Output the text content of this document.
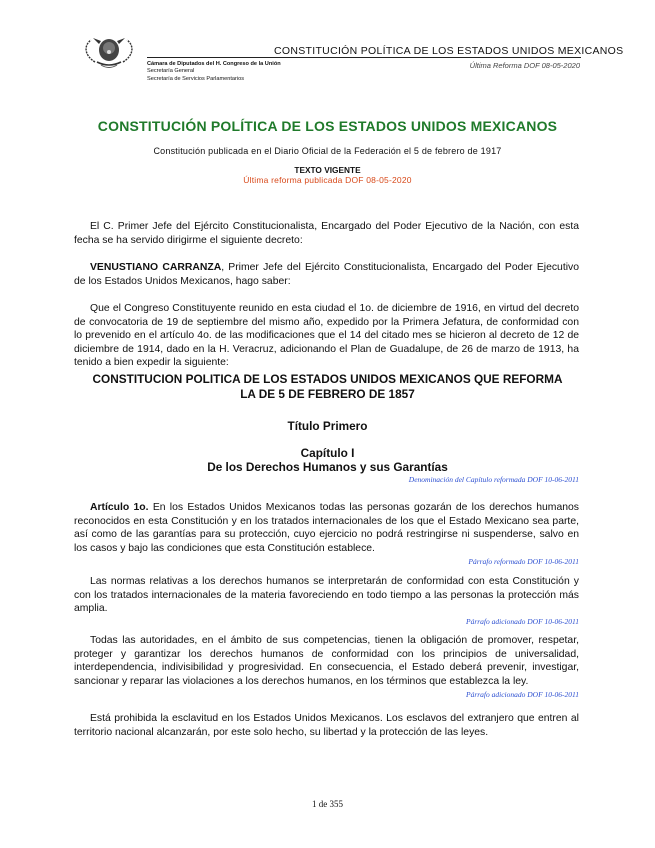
CONSTITUCIÓN POLÍTICA DE LOS ESTADOS UNIDOS MEXICANOS
Cámara de Diputados del H. Congreso de la Unión
Secretaría General
Secretaría de Servicios Parlamentarios
Última Reforma DOF 08-05-2020
CONSTITUCIÓN POLÍTICA DE LOS ESTADOS UNIDOS MEXICANOS
Constitución publicada en el Diario Oficial de la Federación el 5 de febrero de 1917
TEXTO VIGENTE
Última reforma publicada DOF 08-05-2020

El C. Primer Jefe del Ejército Constitucionalista, Encargado del Poder Ejecutivo de la Nación, con esta fecha se ha servido dirigirme el siguiente decreto:

VENUSTIANO CARRANZA, Primer Jefe del Ejército Constitucionalista, Encargado del Poder Ejecutivo de los Estados Unidos Mexicanos, hago saber:

Que el Congreso Constituyente reunido en esta ciudad el 1o. de diciembre de 1916, en virtud del decreto de convocatoria de 19 de septiembre del mismo año, expedido por la Primera Jefatura, de conformidad con lo prevenido en el artículo 4o. de las modificaciones que el 14 del citado mes se hicieron al decreto de 12 de diciembre de 1914, dado en la H. Veracruz, adicionando el Plan de Guadalupe, de 26 de marzo de 1913, ha tenido a bien expedir la siguiente:

CONSTITUCION POLITICA DE LOS ESTADOS UNIDOS MEXICANOS QUE REFORMA LA DE 5 DE FEBRERO DE 1857
Título Primero
Capítulo I
De los Derechos Humanos y sus Garantías
Denominación del Capítulo reformada DOF 10-06-2011

Artículo 1o. En los Estados Unidos Mexicanos todas las personas gozarán de los derechos humanos reconocidos en esta Constitución y en los tratados internacionales de los que el Estado Mexicano sea parte, así como de las garantías para su protección, cuyo ejercicio no podrá restringirse ni suspenderse, salvo en los casos y bajo las condiciones que esta Constitución establece.

Párrafo reformado DOF 10-06-2011

Las normas relativas a los derechos humanos se interpretarán de conformidad con esta Constitución y con los tratados internacionales de la materia favoreciendo en todo tiempo a las personas la protección más amplia.

Párrafo adicionado DOF 10-06-2011

Todas las autoridades, en el ámbito de sus competencias, tienen la obligación de promover, respetar, proteger y garantizar los derechos humanos de conformidad con los principios de universalidad, interdependencia, indivisibilidad y progresividad. En consecuencia, el Estado deberá prevenir, investigar, sancionar y reparar las violaciones a los derechos humanos, en los términos que establezca la ley.

Párrafo adicionado DOF 10-06-2011

Está prohibida la esclavitud en los Estados Unidos Mexicanos. Los esclavos del extranjero que entren al territorio nacional alcanzarán, por este solo hecho, su libertad y la protección de las leyes.

1 de 355
